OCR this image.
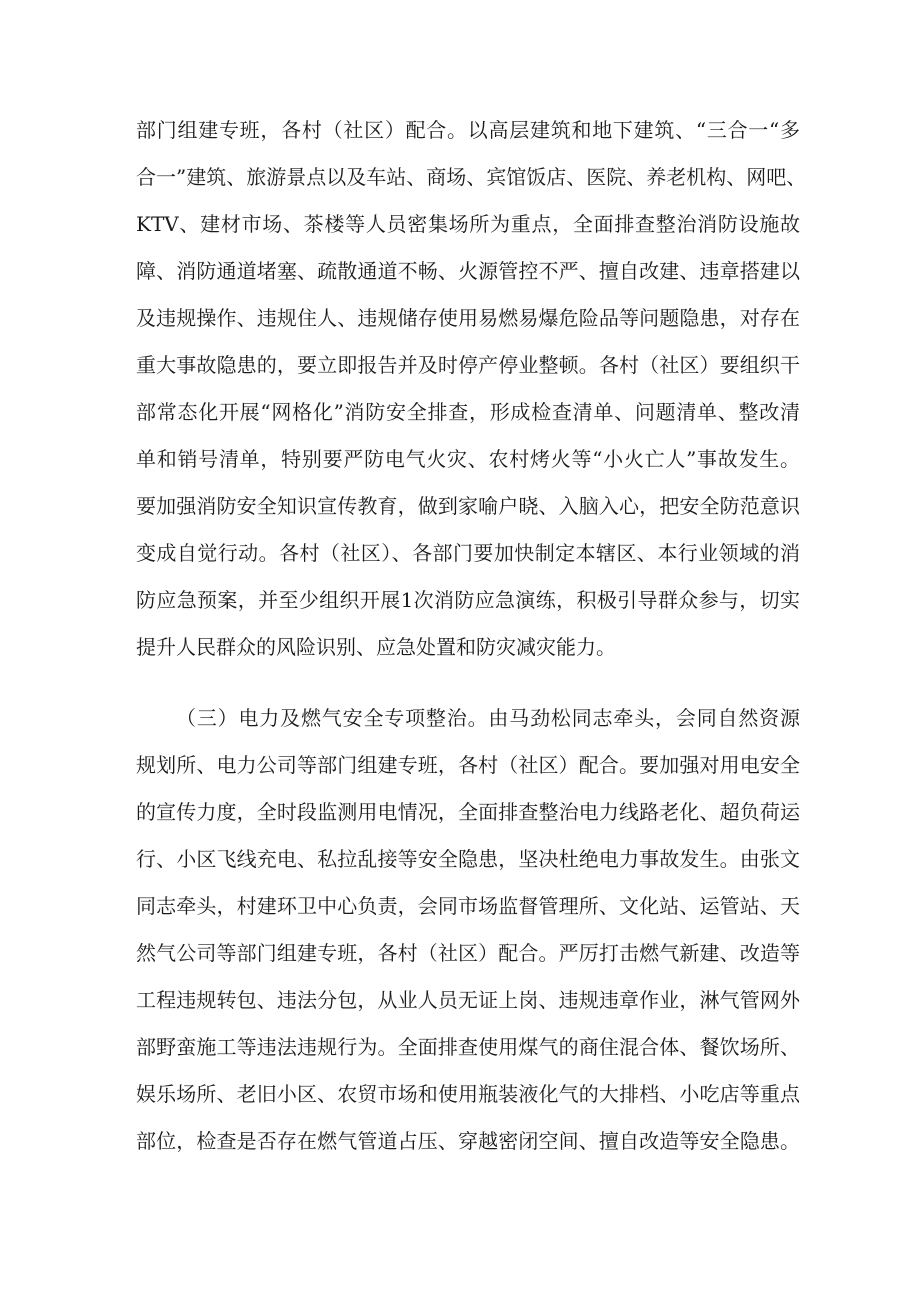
部门组建专班，各村（社区）配合。以高层建筑和地下建筑、“三合一“多
合一”建筑、旅游景点以及车站、商场、宾馆饭店、医院、养老机构、网吧、
KTV、建材市场、茶楼等人员密集场所为重点，全面排查整治消防设施故
障、消防通道堵塞、疏散通道不畅、火源管控不严、擅自改建、违章搭建以
及违规操作、违规住人、违规储存使用易燃易爆危险品等问题隐患，对存在
重大事故隐患的，要立即报告并及时停产停业整顿。各村（社区）要组织干
部常态化开展“网格化”消防安全排查，形成检查清单、问题清单、整改清
单和销号清单，特别要严防电气火灾、农村烤火等“小火亡人”事故发生。
要加强消防安全知识宣传教育，做到家喻户晓、入脑入心，把安全防范意识
变成自觉行动。各村（社区）、各部门要加快制定本辖区、本行业领域的消
防应急预案，并至少组织开展1次消防应急演练，积极引导群众参与，切实
提升人民群众的风险识别、应急处置和防灾减灾能力。
（三）电力及燃气安全专项整治。由马劲松同志牵头，会同自然资源
规划所、电力公司等部门组建专班，各村（社区）配合。要加强对用电安全
的宣传力度，全时段监测用电情况，全面排查整治电力线路老化、超负荷运
行、小区飞线充电、私拉乱接等安全隐患，坚决杜绝电力事故发生。由张文
同志牵头，村建环卫中心负责，会同市场监督管理所、文化站、运管站、天
然气公司等部门组建专班，各村（社区）配合。严厉打击燃气新建、改造等
工程违规转包、违法分包，从业人员无证上岗、违规违章作业，淋气管网外
部野蛮施工等违法违规行为。全面排查使用煤气的商住混合体、餐饮场所、
娱乐场所、老旧小区、农贸市场和使用瓶装液化气的大排档、小吃店等重点
部位，检查是否存在燃气管道占压、穿越密闭空间、擅自改造等安全隐患。
